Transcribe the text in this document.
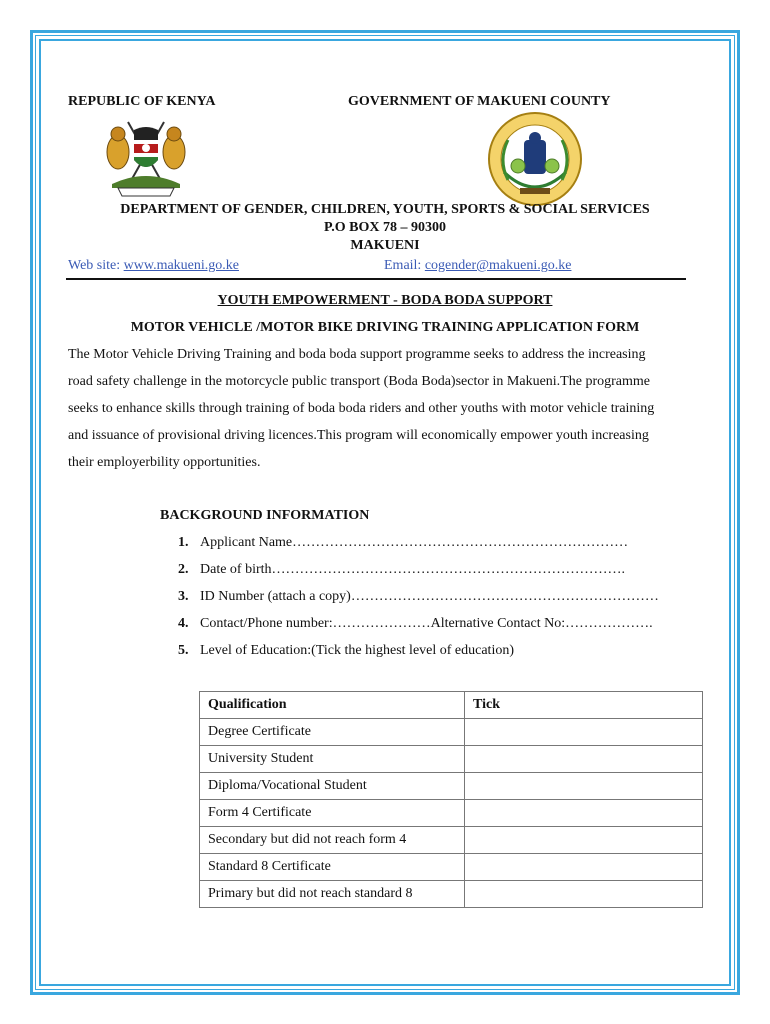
REPUBLIC OF KENYA	GOVERNMENT OF MAKUENI COUNTY
DEPARTMENT OF GENDER, CHILDREN, YOUTH, SPORTS & SOCIAL SERVICES
P.O BOX 78 – 90300
MAKUENI
Web site: www.makueni.go.ke	Email: cogender@makueni.go.ke
YOUTH EMPOWERMENT - BODA BODA SUPPORT
MOTOR VEHICLE /MOTOR BIKE DRIVING TRAINING APPLICATION FORM
The Motor Vehicle Driving Training and boda boda support programme seeks to address the increasing
road safety challenge in the motorcycle public transport (Boda Boda)sector in Makueni.The programme
seeks to enhance skills through training of boda boda riders and other youths with motor vehicle training
and issuance of provisional driving licences.This program will economically empower youth increasing
their employerbility opportunities.
BACKGROUND INFORMATION
1. Applicant Name………………………………………………………………
2. Date of birth………………………………………………………………….
3. ID Number (attach a copy)…………………………………………………………
4. Contact/Phone number:…………………Alternative Contact No:……………….
5. Level of Education:(Tick the highest level of education)
Qualification	Tick
Degree Certificate	
University Student	
Diploma/Vocational Student	
Form 4 Certificate	
Secondary but did not reach form 4	
Standard 8 Certificate	
Primary but did not reach standard 8	
